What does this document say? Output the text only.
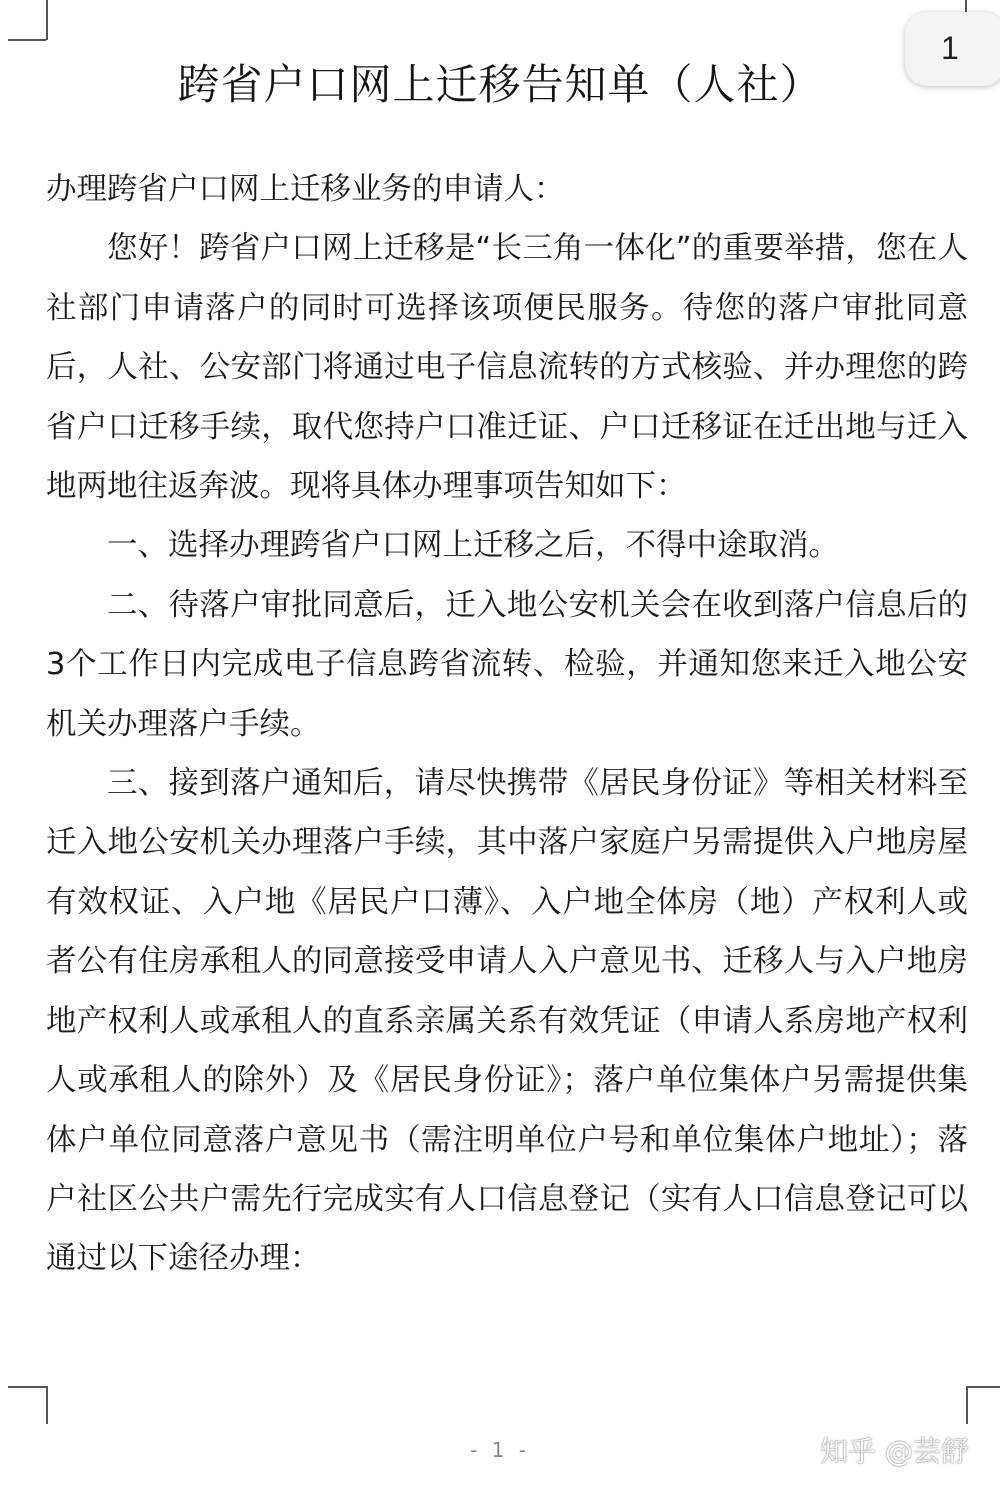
1
跨省户口网上迁移告知单（人社）

办理跨省户口网上迁移业务的申请人：

您好！跨省户口网上迁移是“长三角一体化”的重要举措，您在人社部门申请落户的同时可选择该项便民服务。待您的落户审批同意后，人社、公安部门将通过电子信息流转的方式核验、并办理您的跨省户口迁移手续，取代您持户口准迁证、户口迁移证在迁出地与迁入地两地往返奔波。现将具体办理事项告知如下：

一、选择办理跨省户口网上迁移之后，不得中途取消。

二、待落户审批同意后，迁入地公安机关会在收到落户信息后的3个工作日内完成电子信息跨省流转、检验，并通知您来迁入地公安机关办理落户手续。

三、接到落户通知后，请尽快携带《居民身份证》等相关材料至迁入地公安机关办理落户手续，其中落户家庭户另需提供入户地房屋有效权证、入户地《居民户口薄》、入户地全体房（地）产权利人或者公有住房承租人的同意接受申请人入户意见书、迁移人与入户地房地产权利人或承租人的直系亲属关系有效凭证（申请人系房地产权利人或承租人的除外）及《居民身份证》；落户单位集体户另需提供集体户单位同意落户意见书（需注明单位户号和单位集体户地址）；落户社区公共户需先行完成实有人口信息登记（实有人口信息登记可以通过以下途径办理：

- 1 -	知乎 @芸舒
